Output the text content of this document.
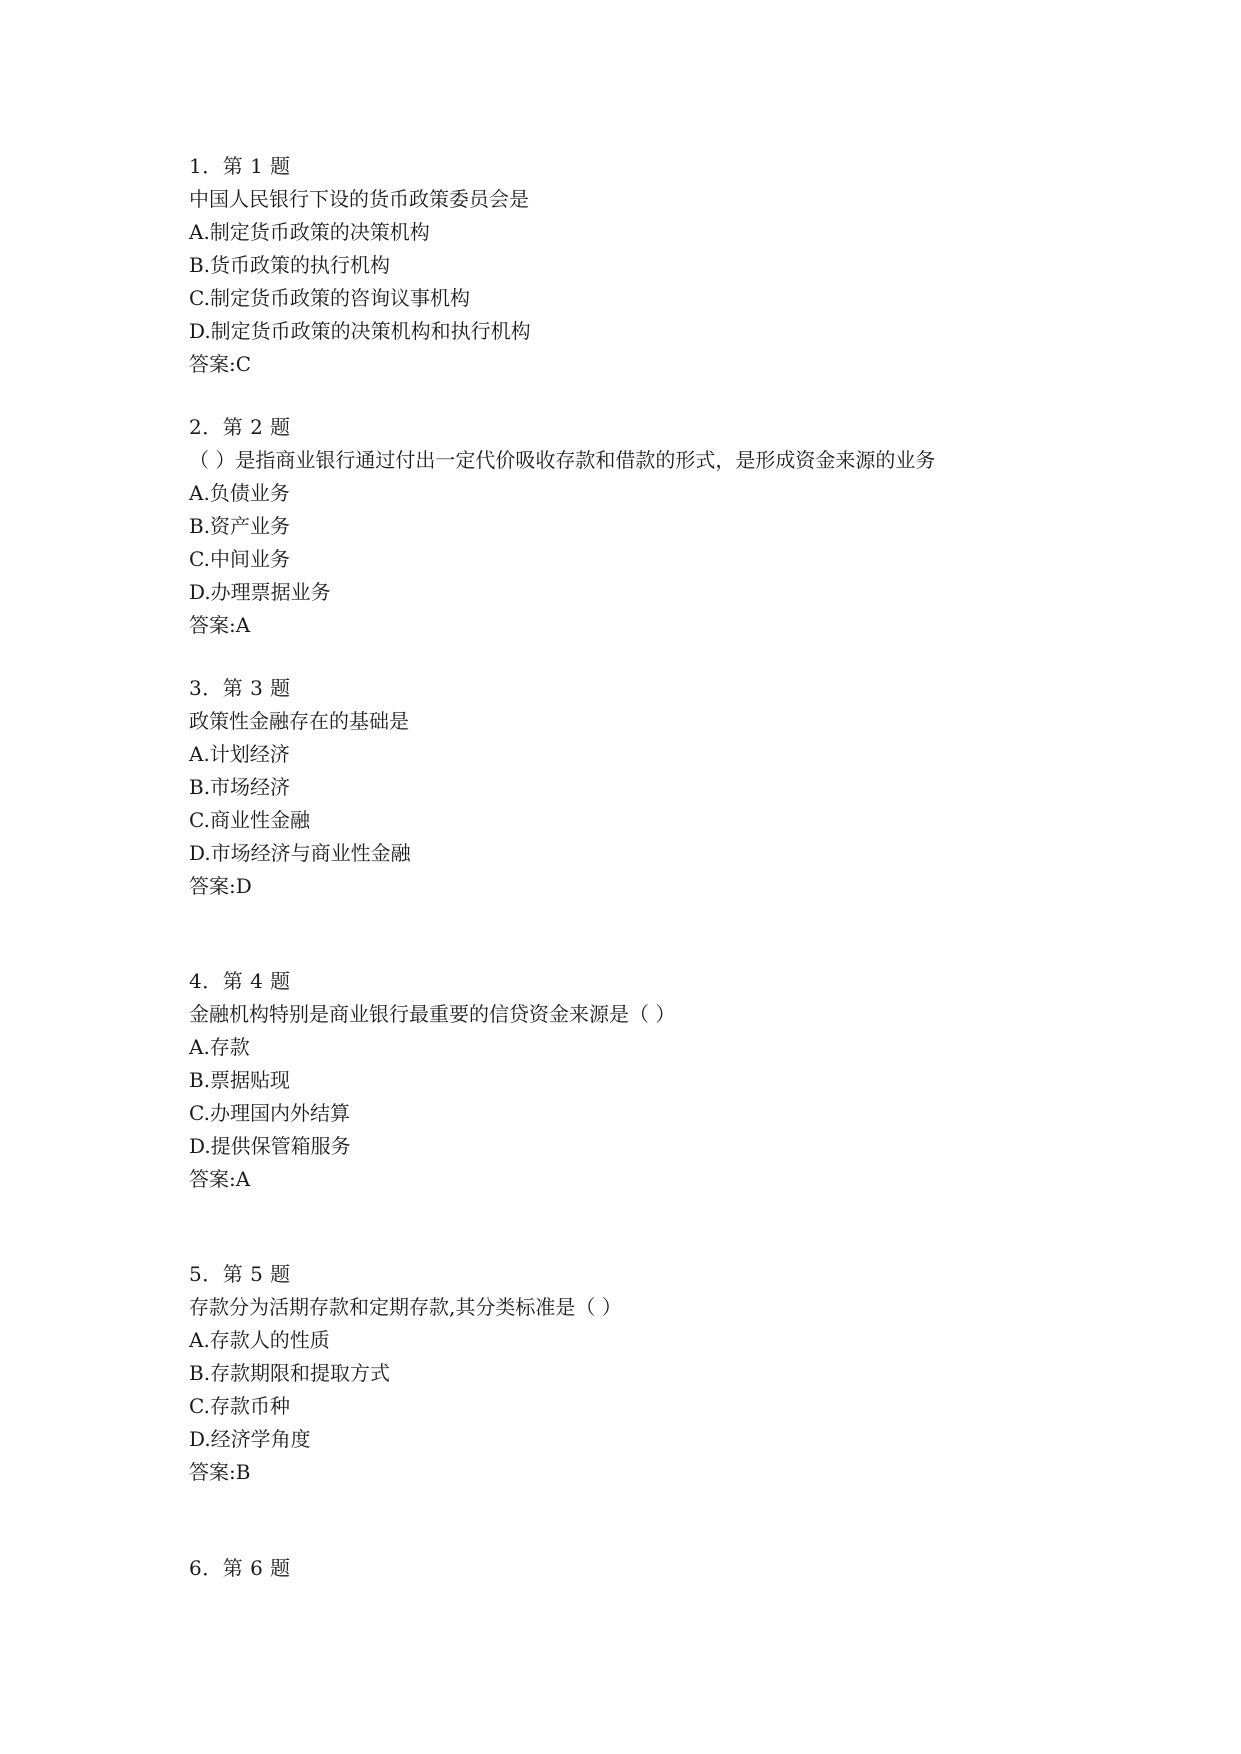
1．第 1 题
中国人民银行下设的货币政策委员会是
A.制定货币政策的决策机构
B.货币政策的执行机构
C.制定货币政策的咨询议事机构
D.制定货币政策的决策机构和执行机构
答案:C
2．第 2 题
（ ）是指商业银行通过付出一定代价吸收存款和借款的形式，是形成资金来源的业务
A.负债业务
B.资产业务
C.中间业务
D.办理票据业务
答案:A
3．第 3 题
政策性金融存在的基础是
A.计划经济
B.市场经济
C.商业性金融
D.市场经济与商业性金融
答案:D
4．第 4 题
金融机构特别是商业银行最重要的信贷资金来源是（ ）
A.存款
B.票据贴现
C.办理国内外结算
D.提供保管箱服务
答案:A
5．第 5 题
存款分为活期存款和定期存款,其分类标准是（ ）
A.存款人的性质
B.存款期限和提取方式
C.存款币种
D.经济学角度
答案:B
6．第 6 题
